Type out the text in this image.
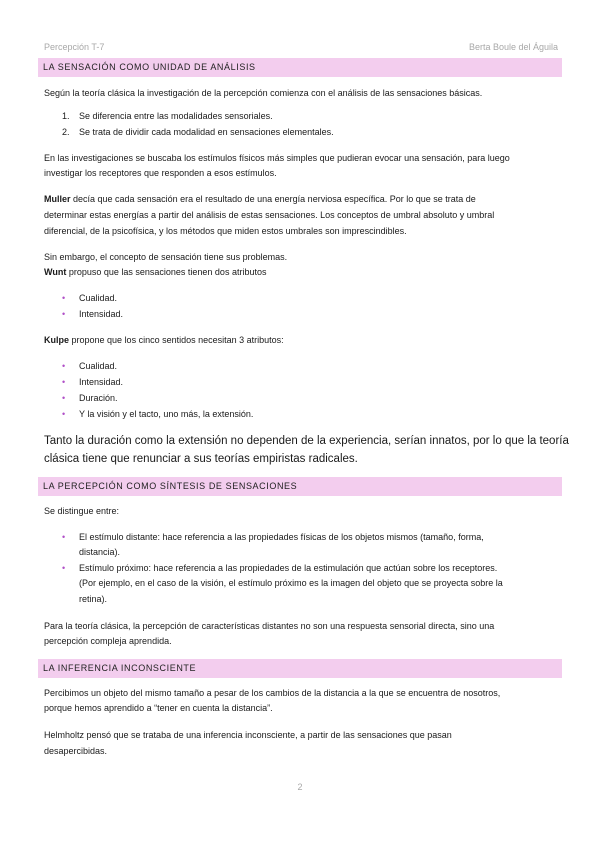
Percepción T-7	Berta Boule del Águila
LA SENSACIÓN COMO UNIDAD DE ANÁLISIS
Según la teoría clásica la investigación de la percepción comienza con el análisis de las sensaciones básicas.
1. Se diferencia entre las modalidades sensoriales.
2. Se trata de dividir cada modalidad en sensaciones elementales.
En las investigaciones se buscaba los estímulos físicos más simples que pudieran evocar una sensación, para luego
investigar los receptores que responden a esos estímulos.
Muller decía que cada sensación era el resultado de una energía nerviosa específica. Por lo que se trata de
determinar estas energías a partir del análisis de estas sensaciones. Los conceptos de umbral absoluto y umbral
diferencial, de la psicofísica, y los métodos que miden estos umbrales son imprescindibles.
Sin embargo, el concepto de sensación tiene sus problemas.
Wunt propuso que las sensaciones tienen dos atributos
• Cualidad.
• Intensidad.
Kulpe propone que los cinco sentidos necesitan 3 atributos:
• Cualidad.
• Intensidad.
• Duración.
• Y la visión y el tacto, uno más, la extensión.
Tanto la duración como la extensión no dependen de la experiencia, serían innatos, por lo que la teoría
clásica tiene que renunciar a sus teorías empiristas radicales.
LA PERCEPCIÓN COMO SÍNTESIS DE SENSACIONES
Se distingue entre:
• El estímulo distante: hace referencia a las propiedades físicas de los objetos mismos (tamaño, forma,
distancia).
• Estímulo próximo: hace referencia a las propiedades de la estimulación que actúan sobre los receptores.
(Por ejemplo, en el caso de la visión, el estímulo próximo es la imagen del objeto que se proyecta sobre la
retina).
Para la teoría clásica, la percepción de características distantes no son una respuesta sensorial directa, sino una
percepción compleja aprendida.
LA INFERENCIA INCONSCIENTE
Percibimos un objeto del mismo tamaño a pesar de los cambios de la distancia a la que se encuentra de nosotros,
porque hemos aprendido a “tener en cuenta la distancia”.
Helmholtz pensó que se trataba de una inferencia inconsciente, a partir de las sensaciones que pasan
desapercibidas.
2
